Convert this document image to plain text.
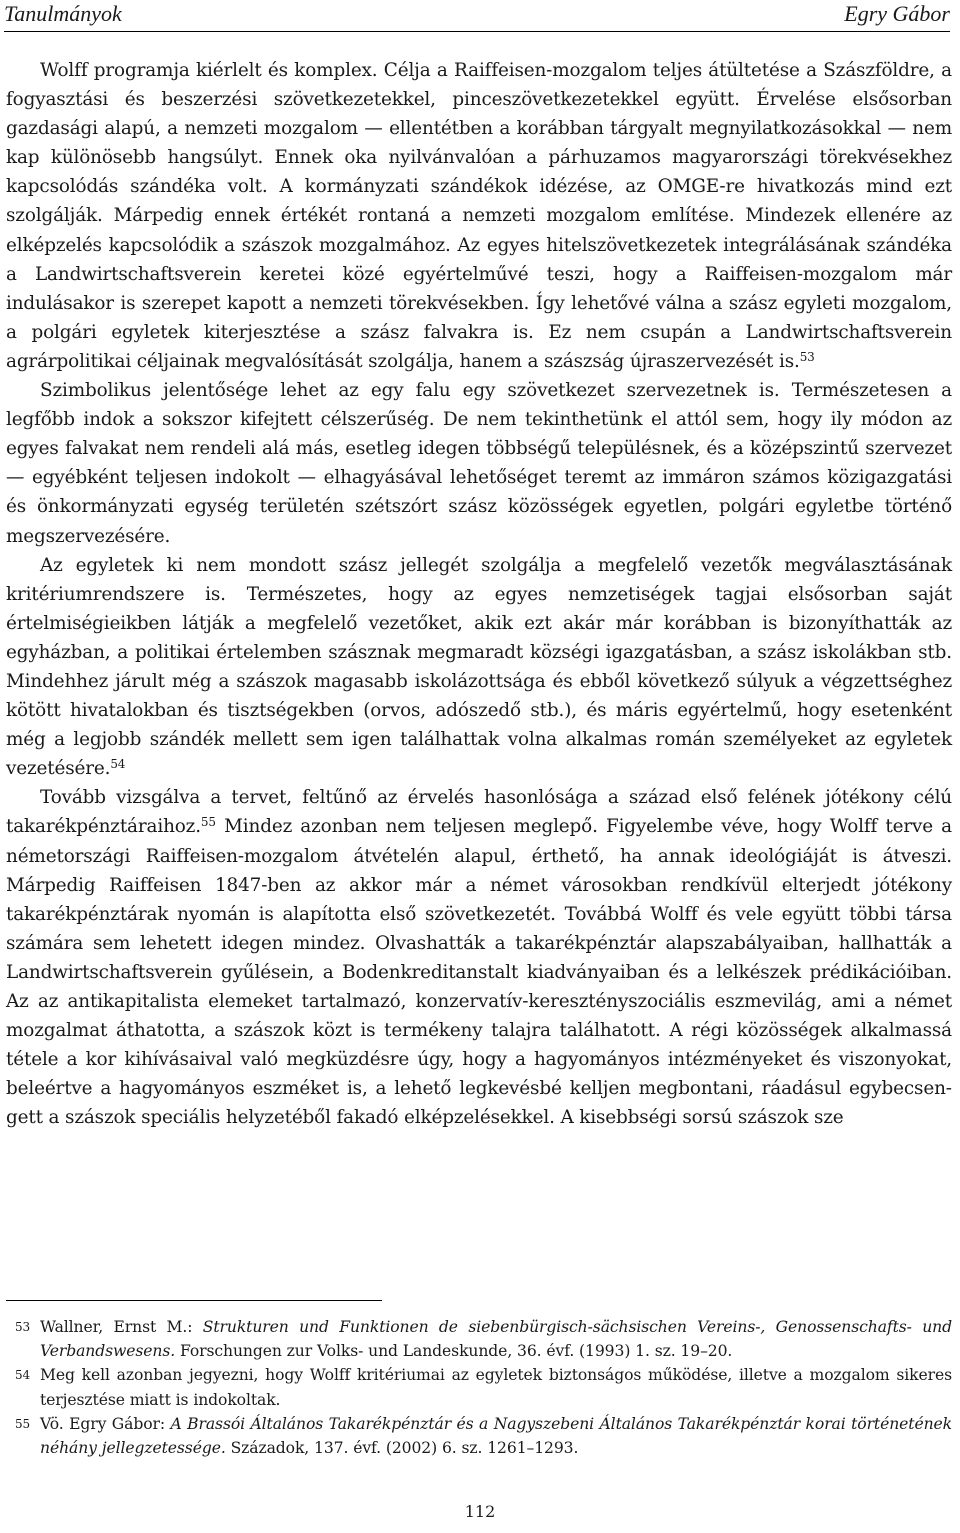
Tanulmányok	Egry Gábor

Wolff programja kiérlelt és komplex. Célja a Raiffeisen-mozgalom teljes átültetése a Szászföldre, a fogyasztási és beszerzési szövetkezetekkel, pinceszövetkezetekkel együtt. Érvelése elsősorban gazdasági alapú, a nemzeti mozgalom — ellentétben a korábban tárgyalt megnyilatkozásokkal — nem kap különösebb hangsúlyt. Ennek oka nyilvánvalóan a párhuzamos magyarországi törekvésekhez kapcsolódás szándéka volt. A kormányzati szándékok idézése, az OMGE-re hivatkozás mind ezt szolgálják. Márpedig ennek értékét rontaná a nemzeti mozgalom említése. Mindezek ellenére az elképzelés kapcsolódik a szászok mozgalmához. Az egyes hitelszövetkezetek integrálásának szándéka a Landwirtschaftsverein keretei közé egyértelművé teszi, hogy a Raiffeisen-mozgalom már indulásakor is szerepet kapott a nemzeti törekvésekben. Így lehetővé válna a szász egyleti mozgalom, a polgári egyletek kiterjesztése a szász falvakra is. Ez nem csupán a Landwirtschaftsverein agrárpolitikai céljainak megvalósítását szolgálja, hanem a szászság újraszervezését is.$^{53}$

Szimbolikus jelentősége lehet az egy falu egy szövetkezet szervezetnek is. Természetesen a legfőbb indok a sokszor kifejtett célszerűség. De nem tekinthetünk el attól sem, hogy ily módon az egyes falvakat nem rendeli alá más, esetleg idegen többségű településnek, és a középszintű szervezet — egyébként teljesen indokolt — elhagyásával lehetőséget teremt az immáron számos közigazgatási és önkormányzati egység területén szétszórt szász közösségek egyetlen, polgári egyletbe történő megszervezésére.

Az egyletek ki nem mondott szász jellegét szolgálja a megfelelő vezetők megválasztásának kritériumrendszere is. Természetes, hogy az egyes nemzetiségek tagjai elsősorban saját értelmiségieikben látják a megfelelő vezetőket, akik ezt akár már korábban is bizonyíthatták az egyházban, a politikai értelemben szásznak megmaradt községi igazgatásban, a szász iskolákban stb. Mindehhez járult még a szászok magasabb iskolázottsága és ebből következő súlyuk a végzettséghez kötött hivatalokban és tisztségekben (orvos, adószedő stb.), és máris egyértelmű, hogy esetenként még a legjobb szándék mellett sem igen találhattak volna alkalmas román személyeket az egyletek vezetésére.$^{54}$

Tovább vizsgálva a tervet, feltűnő az érvelés hasonlósága a század első felének jótékony célú takarékpénztáraihoz.$^{55}$ Mindez azonban nem teljesen meglepő. Figyelembe véve, hogy Wolff terve a németországi Raiffeisen-mozgalom átvételén alapul, érthető, ha annak ideológiáját is átveszi. Márpedig Raiffeisen 1847-ben az akkor már a német városokban rendkívül elterjedt jótékony takarékpénztárak nyomán is alapította első szövetkezetét. Továbbá Wolff és vele együtt többi társa számára sem lehetett idegen mindez. Olvashatták a takarékpénztár alapszabályaiban, hallhatták a Landwirtschaftsverein gyűlésein, a Bodenkreditanstalt kiadványaiban és a lelkészek prédikációiban. Az az antikapitalista elemeket tartalmazó, konzervatív-keresztényszociális eszmevilág, ami a német mozgalmat áthatotta, a szászok közt is termékeny talajra találhatott. A régi közösségek alkalmassá tétele a kor kihívásaival való megküzdésre úgy, hogy a hagyományos intézményeket és viszonyokat, beleértve a hagyományos eszméket is, a lehető legkevésbé kelljen megbontani, ráadásul egybecsengett a szászok speciális helyzetéből fakadó elképzelésekkel. A kisebbségi sorsú szászok sze

53 Wallner, Ernst M.: Strukturen und Funktionen de siebenbürgisch-sächsischen Vereins-, Genossenschafts- und Verbandswesens. Forschungen zur Volks- und Landeskunde, 36. évf. (1993) 1. sz. 19–20.
54 Meg kell azonban jegyezni, hogy Wolff kritériumai az egyletek biztonságos működése, illetve a mozgalom sikeres terjesztése miatt is indokoltak.
55 Vö. Egry Gábor: A Brassói Általános Takarékpénztár és a Nagyszebeni Általános Takarékpénztár korai történetének néhány jellegzetessége. Századok, 137. évf. (2002) 6. sz. 1261–1293.
112
